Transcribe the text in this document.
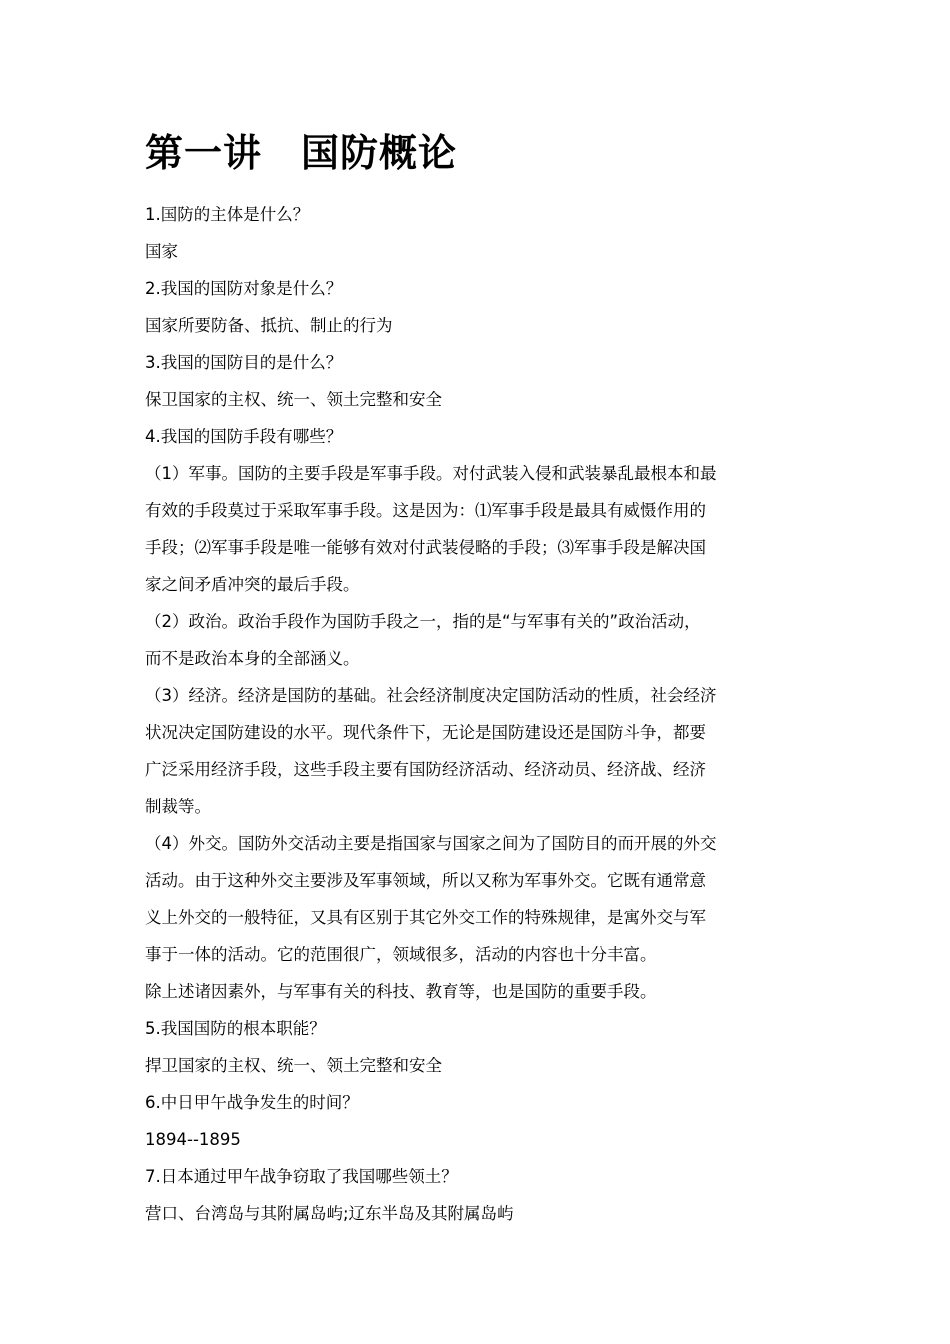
第一讲　国防概论
1.国防的主体是什么？
国家
2.我国的国防对象是什么？
国家所要防备、抵抗、制止的行为
3.我国的国防目的是什么？
保卫国家的主权、统一、领土完整和安全
4.我国的国防手段有哪些？
（1）军事。国防的主要手段是军事手段。对付武装入侵和武装暴乱最根本和最
有效的手段莫过于采取军事手段。这是因为：⑴军事手段是最具有威慑作用的
手段；⑵军事手段是唯一能够有效对付武装侵略的手段；⑶军事手段是解决国
家之间矛盾冲突的最后手段。
（2）政治。政治手段作为国防手段之一，指的是“与军事有关的”政治活动，
而不是政治本身的全部涵义。
（3）经济。经济是国防的基础。社会经济制度决定国防活动的性质，社会经济
状况决定国防建设的水平。现代条件下，无论是国防建设还是国防斗争，都要
广泛采用经济手段，这些手段主要有国防经济活动、经济动员、经济战、经济
制裁等。
（4）外交。国防外交活动主要是指国家与国家之间为了国防目的而开展的外交
活动。由于这种外交主要涉及军事领域，所以又称为军事外交。它既有通常意
义上外交的一般特征，又具有区别于其它外交工作的特殊规律，是寓外交与军
事于一体的活动。它的范围很广，领域很多，活动的内容也十分丰富。
除上述诸因素外，与军事有关的科技、教育等，也是国防的重要手段。
5.我国国防的根本职能？
捍卫国家的主权、统一、领土完整和安全
6.中日甲午战争发生的时间？
1894--1895
7.日本通过甲午战争窃取了我国哪些领土？
营口、台湾岛与其附属岛屿;辽东半岛及其附属岛屿
